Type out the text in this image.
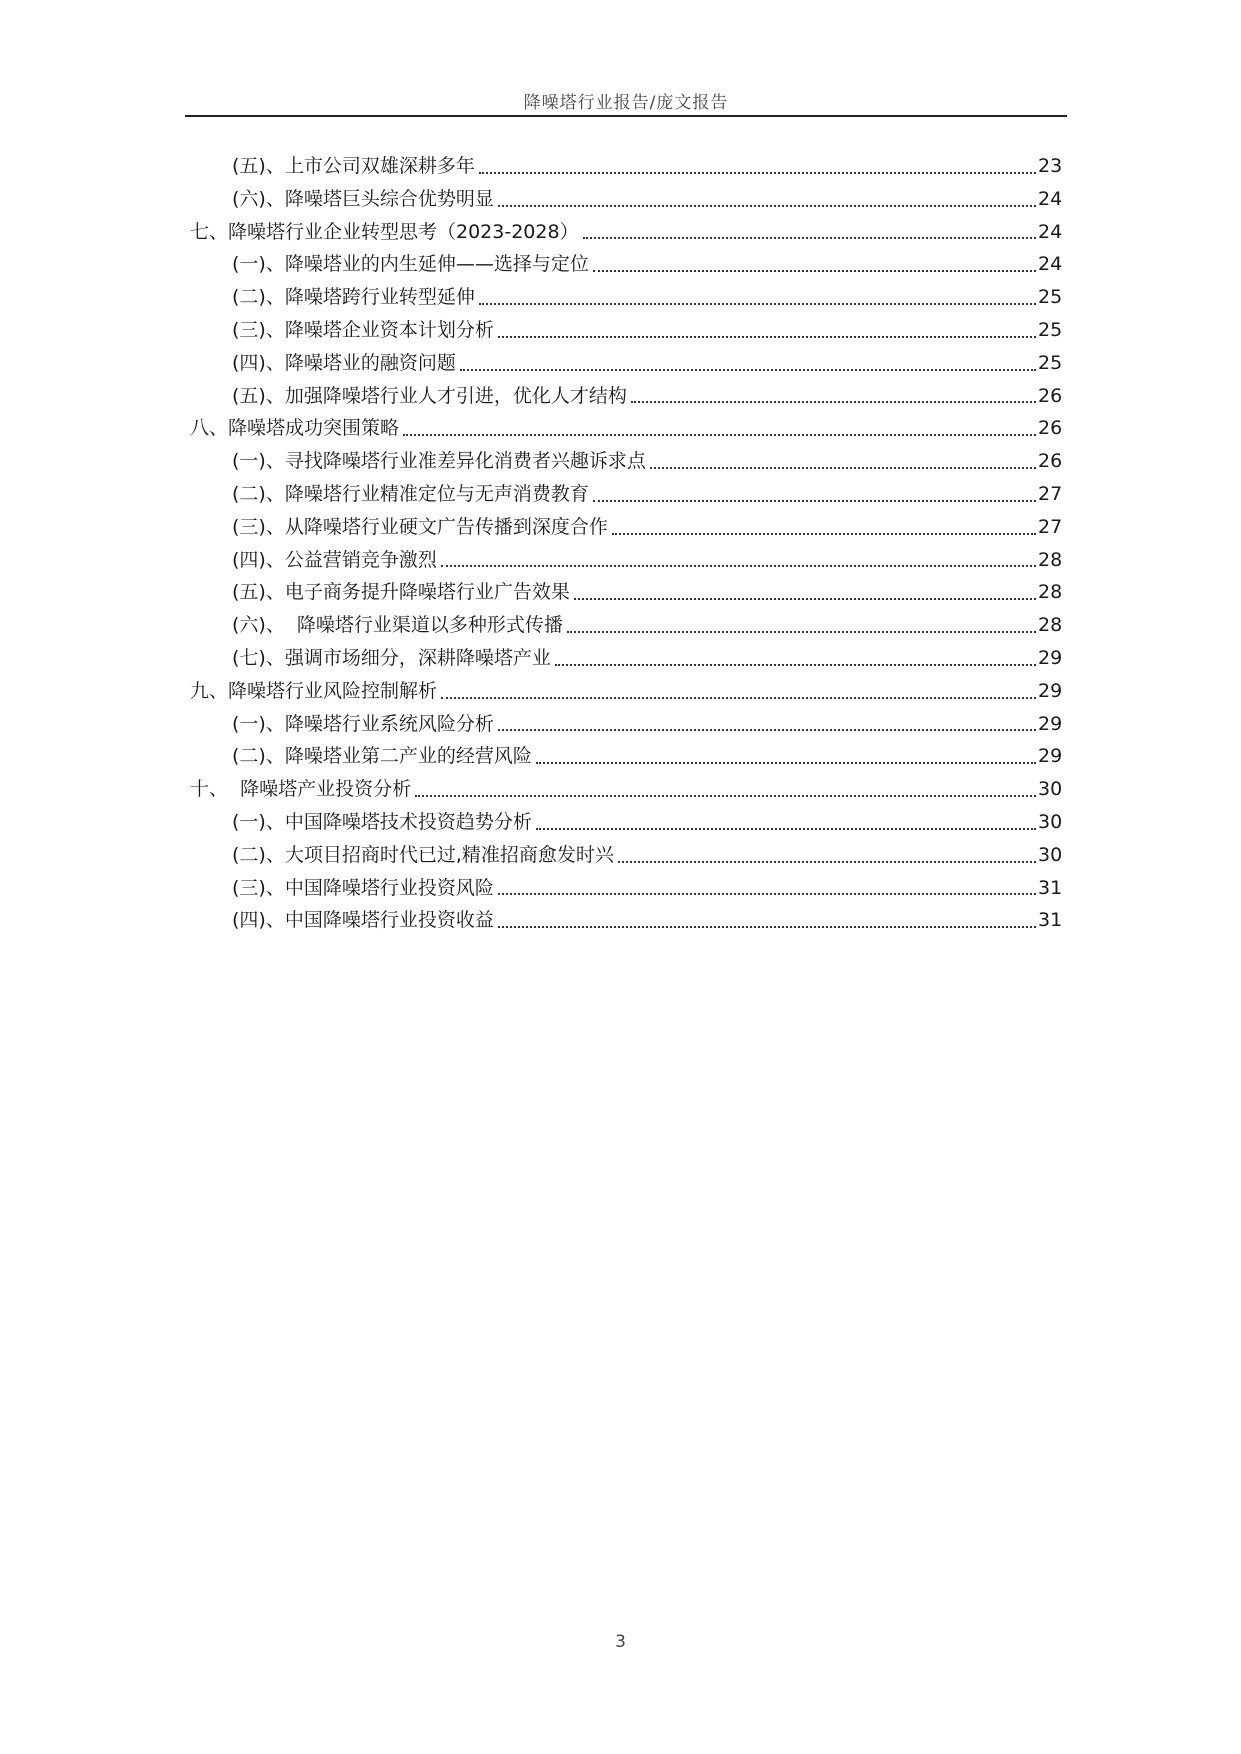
降噪塔行业报告/庞文报告
(五)、上市公司双雄深耕多年	23
(六)、降噪塔巨头综合优势明显	24
七、降噪塔行业企业转型思考（2023-2028）	24
(一)、降噪塔业的内生延伸——选择与定位	24
(二)、降噪塔跨行业转型延伸	25
(三)、降噪塔企业资本计划分析	25
(四)、降噪塔业的融资问题	25
(五)、加强降噪塔行业人才引进，优化人才结构	26
八、降噪塔成功突围策略	26
(一)、寻找降噪塔行业准差异化消费者兴趣诉求点	26
(二)、降噪塔行业精准定位与无声消费教育	27
(三)、从降噪塔行业硬文广告传播到深度合作	27
(四)、公益营销竞争激烈	28
(五)、电子商务提升降噪塔行业广告效果	28
(六)、  降噪塔行业渠道以多种形式传播	28
(七)、强调市场细分，深耕降噪塔产业	29
九、降噪塔行业风险控制解析	29
(一)、降噪塔行业系统风险分析	29
(二)、降噪塔业第二产业的经营风险	29
十、  降噪塔产业投资分析	30
(一)、中国降噪塔技术投资趋势分析	30
(二)、大项目招商时代已过,精准招商愈发时兴	30
(三)、中国降噪塔行业投资风险	31
(四)、中国降噪塔行业投资收益	31
3
